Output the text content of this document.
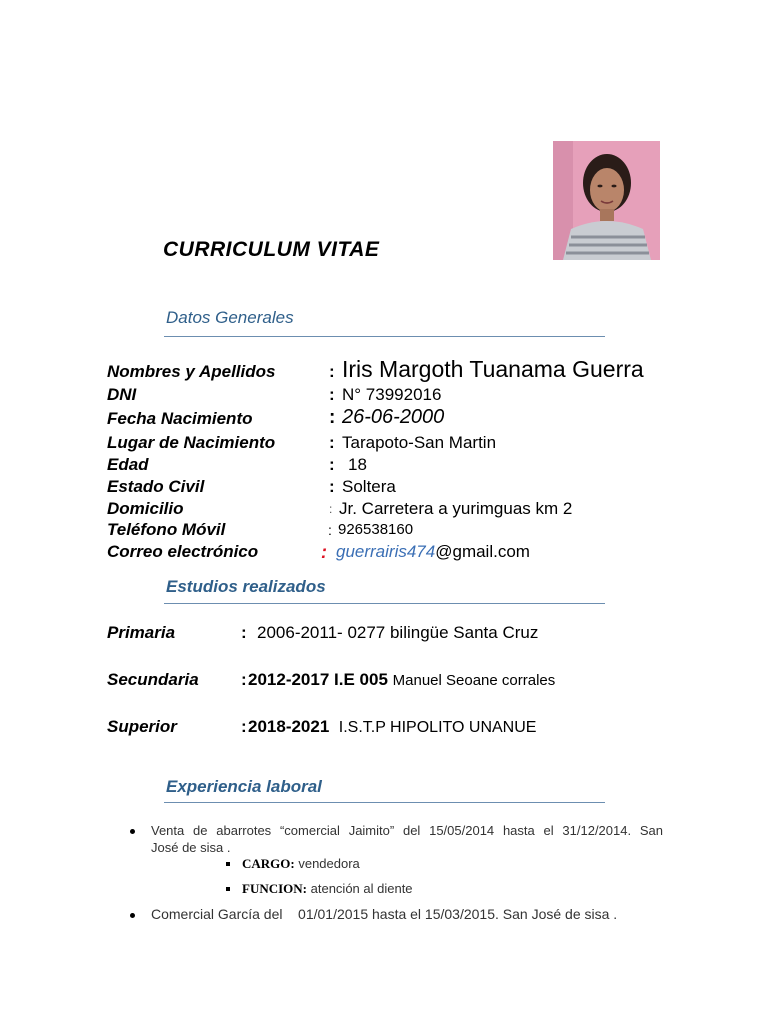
CURRICULUM VITAE
Datos Generales
Nombres y Apellidos	: Iris Margoth Tuanama Guerra
DNI	: N° 73992016
Fecha Nacimiento	: 26-06-2000
Lugar de Nacimiento	: Tarapoto-San Martin
Edad	: 18
Estado Civil	: Soltera
Domicilio	: Jr. Carretera a yurimguas km 2
Teléfono Móvil	: 926538160
Correo electrónico	: guerrairis474@gmail.com
Estudios realizados
Primaria	: 2006-2011- 0277 bilingüe Santa Cruz
Secundaria : 2012-2017 I.E 005 Manuel Seoane corrales
Superior	: 2018-2021 I.S.T.P HIPOLITO UNANUE
Experiencia laboral
Venta de abarrotes “comercial Jaimito” del 15/05/2014 hasta el 31/12/2014. San
José de sisa .
CARGO: vendedora
FUNCION: atención al diente
Comercial García del    01/01/2015 hasta el 15/03/2015. San José de sisa .
